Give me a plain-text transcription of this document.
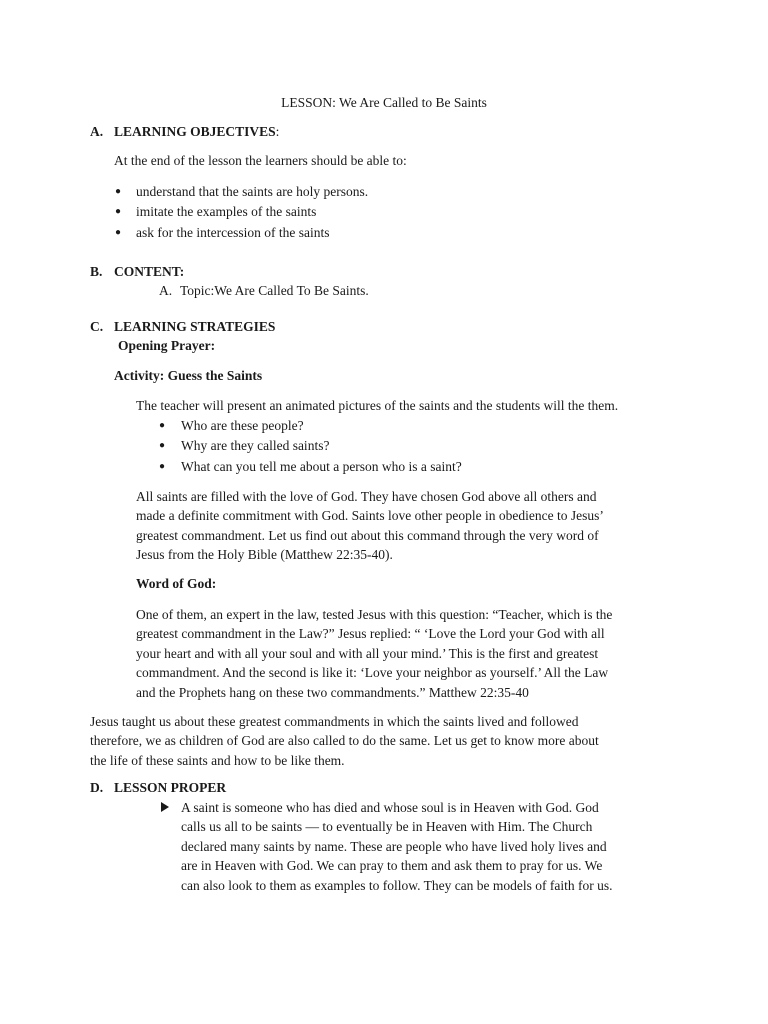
LESSON: We Are Called to Be Saints
A. LEARNING OBJECTIVES:
At the end of the lesson the learners should be able to:
● understand that the saints are holy persons.
● imitate the examples of the saints
● ask for the intercession of the saints
B. CONTENT:
A. Topic:We Are Called To Be Saints.
C. LEARNING STRATEGIES
Opening Prayer:
Activity: Guess the Saints
The teacher will present an animated pictures of the saints and the students will the them.
● Who are these people?
● Why are they called saints?
● What can you tell me about a person who is a saint?
All saints are filled with the love of God. They have chosen God above all others and
made a definite commitment with God. Saints love other people in obedience to Jesus’
greatest commandment. Let us find out about this command through the very word of
Jesus from the Holy Bible (Matthew 22:35-40).
Word of God:
One of them, an expert in the law, tested Jesus with this question: “Teacher, which is the
greatest commandment in the Law?” Jesus replied: “ ‘Love the Lord your God with all
your heart and with all your soul and with all your mind.’ This is the first and greatest
commandment. And the second is like it: ‘Love your neighbor as yourself.’ All the Law
and the Prophets hang on these two commandments.” Matthew 22:35-40
Jesus taught us about these greatest commandments in which the saints lived and followed
therefore, we as children of God are also called to do the same. Let us get to know more about
the life of these saints and how to be like them.
D. LESSON PROPER
A saint is someone who has died and whose soul is in Heaven with God. God
calls us all to be saints — to eventually be in Heaven with Him. The Church
declared many saints by name. These are people who have lived holy lives and
are in Heaven with God. We can pray to them and ask them to pray for us. We
can also look to them as examples to follow. They can be models of faith for us.
